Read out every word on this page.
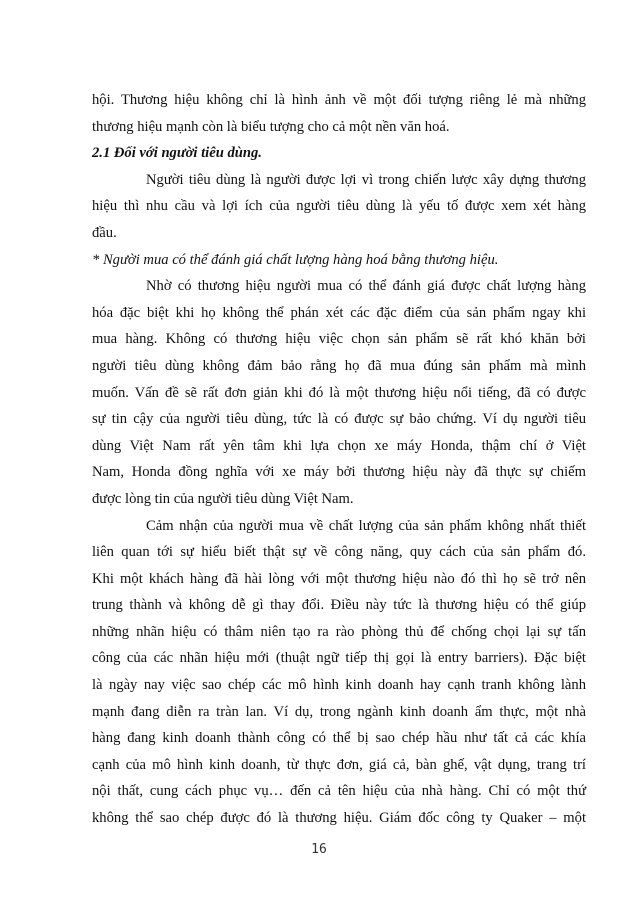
hội. Thương hiệu không chỉ là hình ảnh về một đối tượng riêng lẻ mà những
thương hiệu mạnh còn là biểu tượng cho cả một nền văn hoá.
2.1 Đối với người tiêu dùng.
Người tiêu dùng là người được lợi vì trong chiến lược xây dựng thương
hiệu thì nhu cầu và lợi ích của người tiêu dùng là yếu tố được xem xét hàng
đầu.
* Người mua có thể đánh giá chất lượng hàng hoá bằng thương hiệu.
Nhờ có thương hiệu người mua có thể đánh giá được chất lượng hàng
hóa đặc biệt khi họ không thể phán xét các đặc điểm của sản phẩm ngay khi
mua hàng. Không có thương hiệu việc chọn sản phẩm sẽ rất khó khăn bởi
người tiêu dùng không đảm bảo rằng họ đã mua đúng sản phẩm mà mình
muốn. Vấn đề sẽ rất đơn giản khi đó là một thương hiệu nổi tiếng, đã có được
sự tin cậy của người tiêu dùng, tức là có được sự bảo chứng. Ví dụ người tiêu
dùng Việt Nam rất yên tâm khi lựa chọn xe máy Honda, thậm chí ở Việt
Nam, Honda đồng nghĩa với xe máy bởi thương hiệu này đã thực sự chiếm
được lòng tin của người tiêu dùng Việt Nam.
Cảm nhận của người mua về chất lượng của sản phẩm không nhất thiết
liên quan tới sự hiểu biết thật sự về công năng, quy cách của sản phẩm đó.
Khi một khách hàng đã hài lòng với một thương hiệu nào đó thì họ sẽ trở nên
trung thành và không dễ gì thay đổi. Điều này tức là thương hiệu có thể giúp
những nhãn hiệu có thâm niên tạo ra rào phòng thủ để chống chọi lại sự tấn
công của các nhãn hiệu mới (thuật ngữ tiếp thị gọi là entry barriers). Đặc biệt
là ngày nay việc sao chép các mô hình kinh doanh hay cạnh tranh không lành
mạnh đang diễn ra tràn lan. Ví dụ, trong ngành kinh doanh ẩm thực, một nhà
hàng đang kinh doanh thành công có thể bị sao chép hầu như tất cả các khía
cạnh của mô hình kinh doanh, từ thực đơn, giá cả, bàn ghế, vật dụng, trang trí
nội thất, cung cách phục vụ… đến cả tên hiệu của nhà hàng. Chỉ có một thứ
không thể sao chép được đó là thương hiệu. Giám đốc công ty Quaker – một
16
